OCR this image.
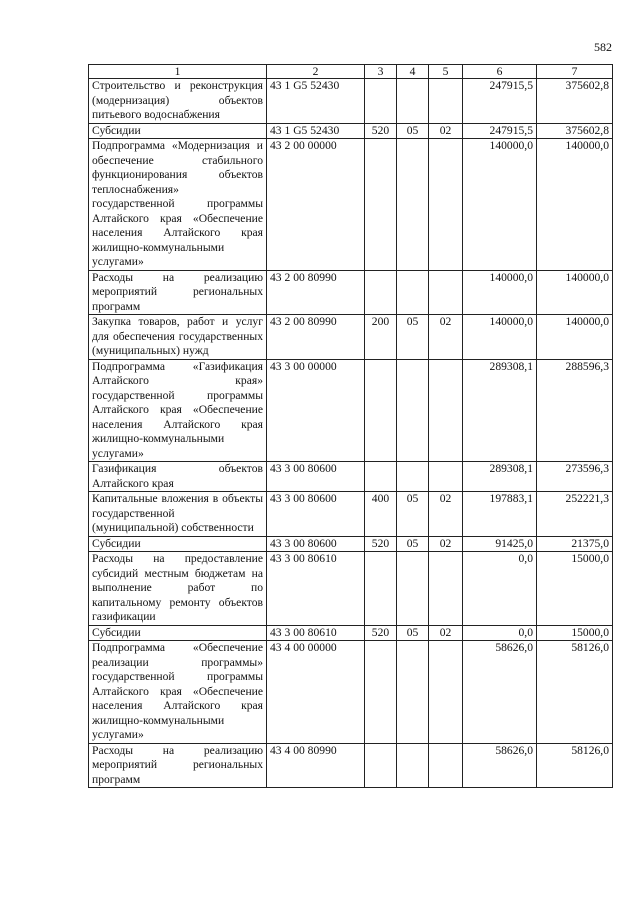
582
1	2	3	4	5	6	7
Строительство и реконструкция (модернизация) объектов питьевого водоснабжения	43 1 G5 52430				247915,5	375602,8
Субсидии	43 1 G5 52430	520	05	02	247915,5	375602,8
Подпрограмма «Модернизация и обеспечение стабильного функционирования объектов теплоснабжения» государственной программы Алтайского края «Обеспечение населения Алтайского края жилищно-коммунальными услугами»	43 2 00 00000				140000,0	140000,0
Расходы на реализацию мероприятий региональных программ	43 2 00 80990				140000,0	140000,0
Закупка товаров, работ и услуг для обеспечения государственных (муниципальных) нужд	43 2 00 80990	200	05	02	140000,0	140000,0
Подпрограмма «Газификация Алтайского края» государственной программы Алтайского края «Обеспечение населения Алтайского края жилищно-коммунальными услугами»	43 3 00 00000				289308,1	288596,3
Газификация объектов Алтайского края	43 3 00 80600				289308,1	273596,3
Капитальные вложения в объекты государственной (муниципальной) собственности	43 3 00 80600	400	05	02	197883,1	252221,3
Субсидии	43 3 00 80600	520	05	02	91425,0	21375,0
Расходы на предоставление субсидий местным бюджетам на выполнение работ по капитальному ремонту объектов газификации	43 3 00 80610				0,0	15000,0
Субсидии	43 3 00 80610	520	05	02	0,0	15000,0
Подпрограмма «Обеспечение реализации программы» государственной программы Алтайского края «Обеспечение населения Алтайского края жилищно-коммунальными услугами»	43 4 00 00000				58626,0	58126,0
Расходы на реализацию мероприятий региональных программ	43 4 00 80990				58626,0	58126,0
